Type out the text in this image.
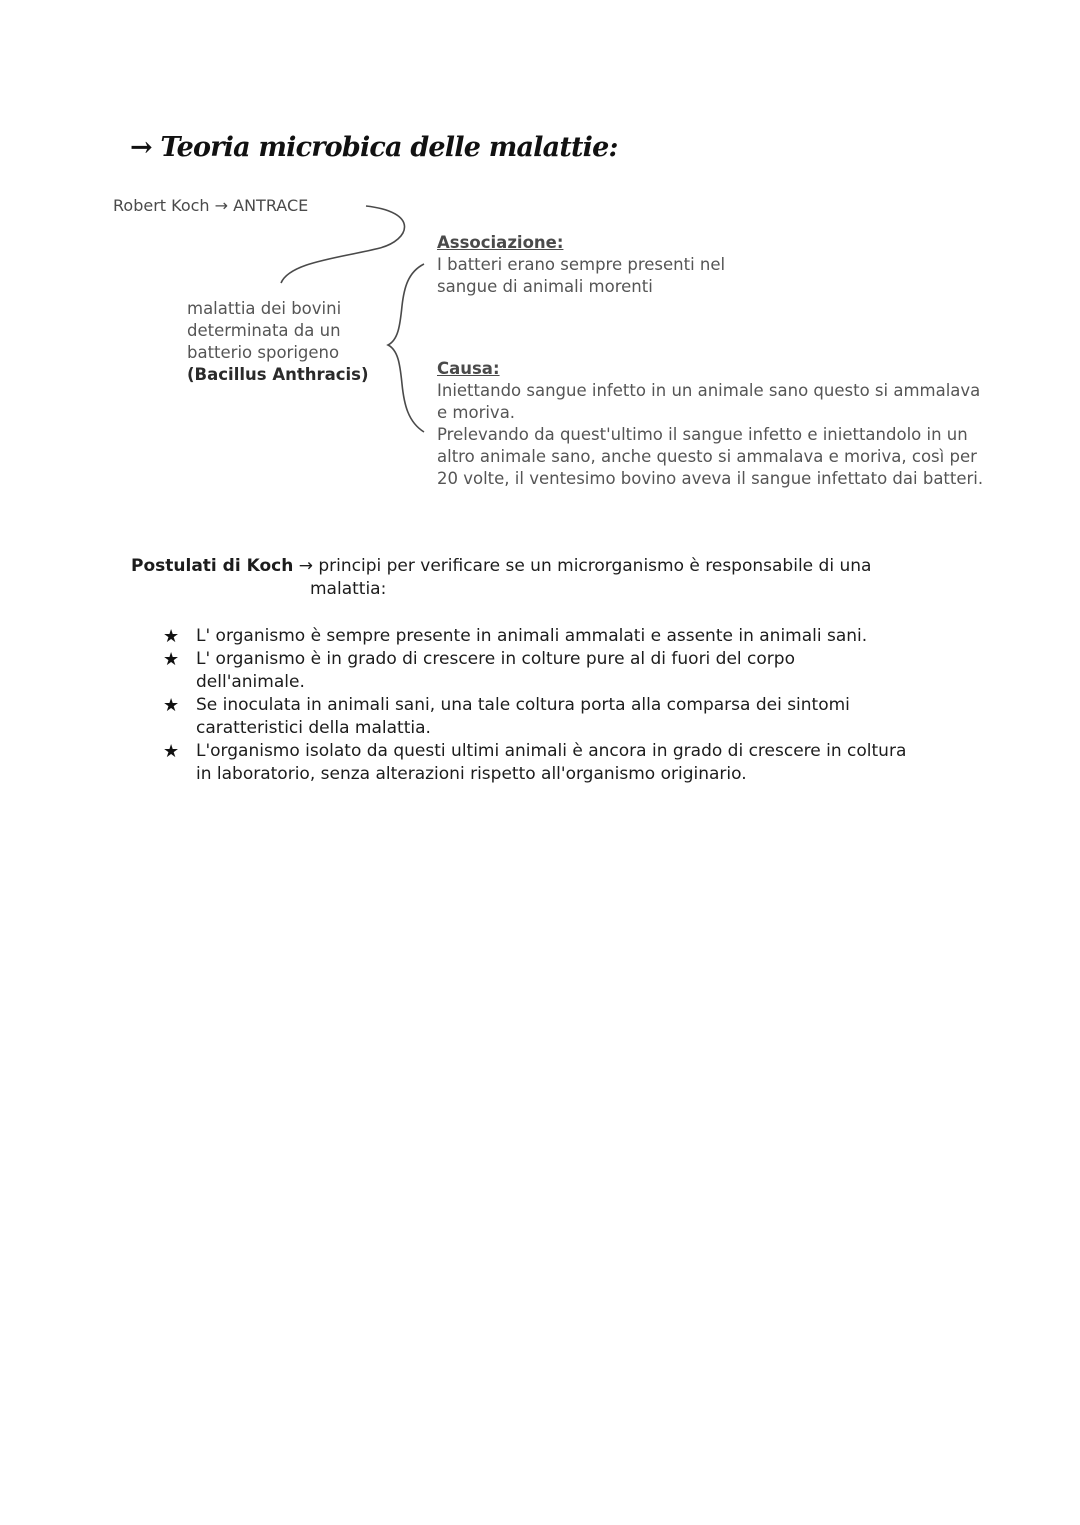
→ Teoria microbica delle malattie:
Robert Koch → ANTRACE
malattia dei bovini
determinata da un
batterio sporigeno
(Bacillus Anthracis)
Associazione:
I batteri erano sempre presenti nel
sangue di animali morenti
Causa:
Iniettando sangue infetto in un animale sano questo si ammalava
e moriva.
Prelevando da quest'ultimo il sangue infetto e iniettandolo in un
altro animale sano, anche questo si ammalava e moriva, così per
20 volte, il ventesimo bovino aveva il sangue infettato dai batteri.
Postulati di Koch → principi per verificare se un microrganismo è responsabile di una
malattia:
★ L' organismo è sempre presente in animali ammalati e assente in animali sani.
★ L' organismo è in grado di crescere in colture pure al di fuori del corpo
dell'animale.
★ Se inoculata in animali sani, una tale coltura porta alla comparsa dei sintomi
caratteristici della malattia.
★ L'organismo isolato da questi ultimi animali è ancora in grado di crescere in coltura
in laboratorio, senza alterazioni rispetto all'organismo originario.
